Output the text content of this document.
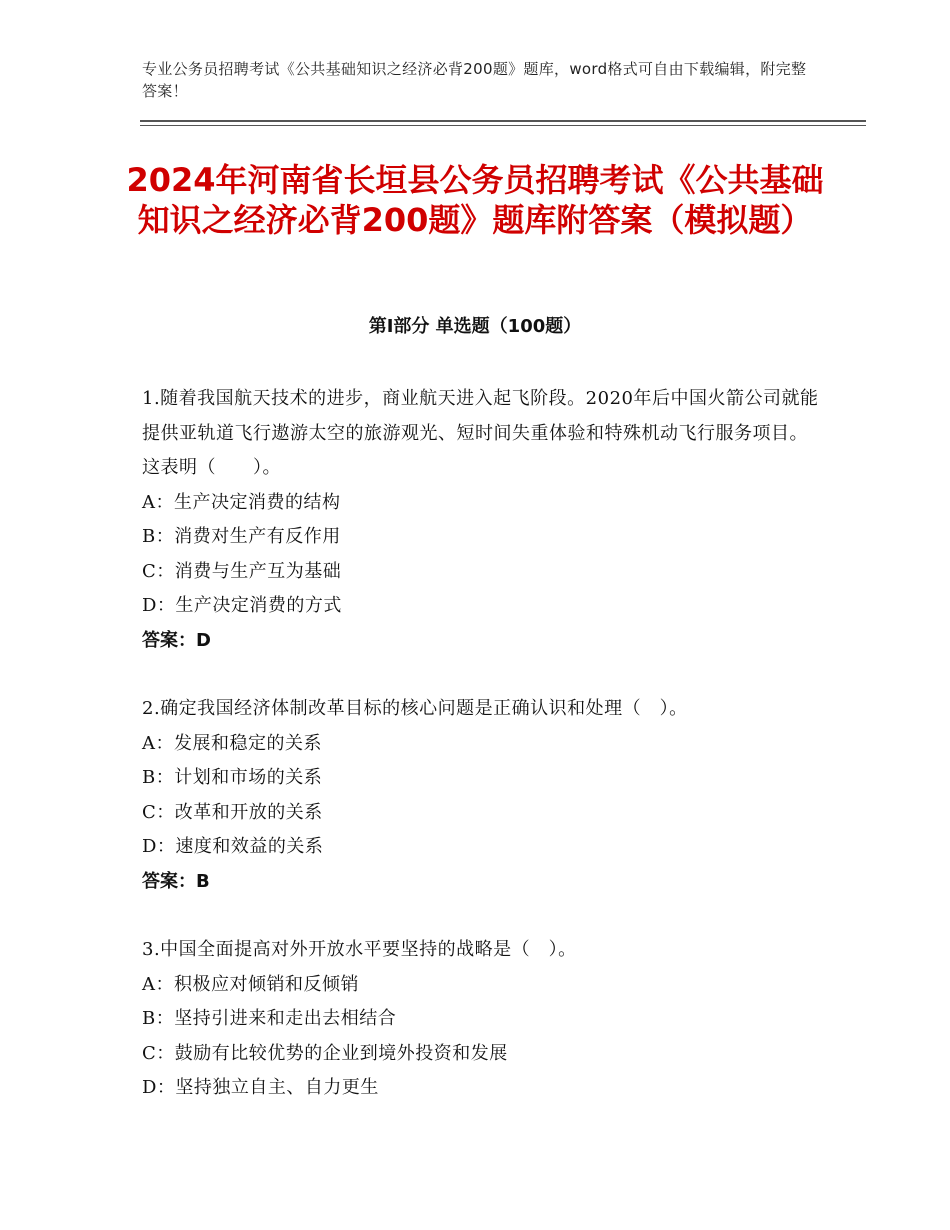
专业公务员招聘考试《公共基础知识之经济必背200题》题库，word格式可自由下载编辑，附完整答案！
2024年河南省长垣县公务员招聘考试《公共基础知识之经济必背200题》题库附答案（模拟题）
第Ⅰ部分 单选题（100题）
1.随着我国航天技术的进步，商业航天进入起飞阶段。2020年后中国火箭公司就能提供亚轨道飞行遨游太空的旅游观光、短时间失重体验和特殊机动飞行服务项目。这表明（　　）。
A：生产决定消费的结构
B：消费对生产有反作用
C：消费与生产互为基础
D：生产决定消费的方式
答案：D
2.确定我国经济体制改革目标的核心问题是正确认识和处理（　）。
A：发展和稳定的关系
B：计划和市场的关系
C：改革和开放的关系
D：速度和效益的关系
答案：B
3.中国全面提高对外开放水平要坚持的战略是（　）。
A：积极应对倾销和反倾销
B：坚持引进来和走出去相结合
C：鼓励有比较优势的企业到境外投资和发展
D：坚持独立自主、自力更生
